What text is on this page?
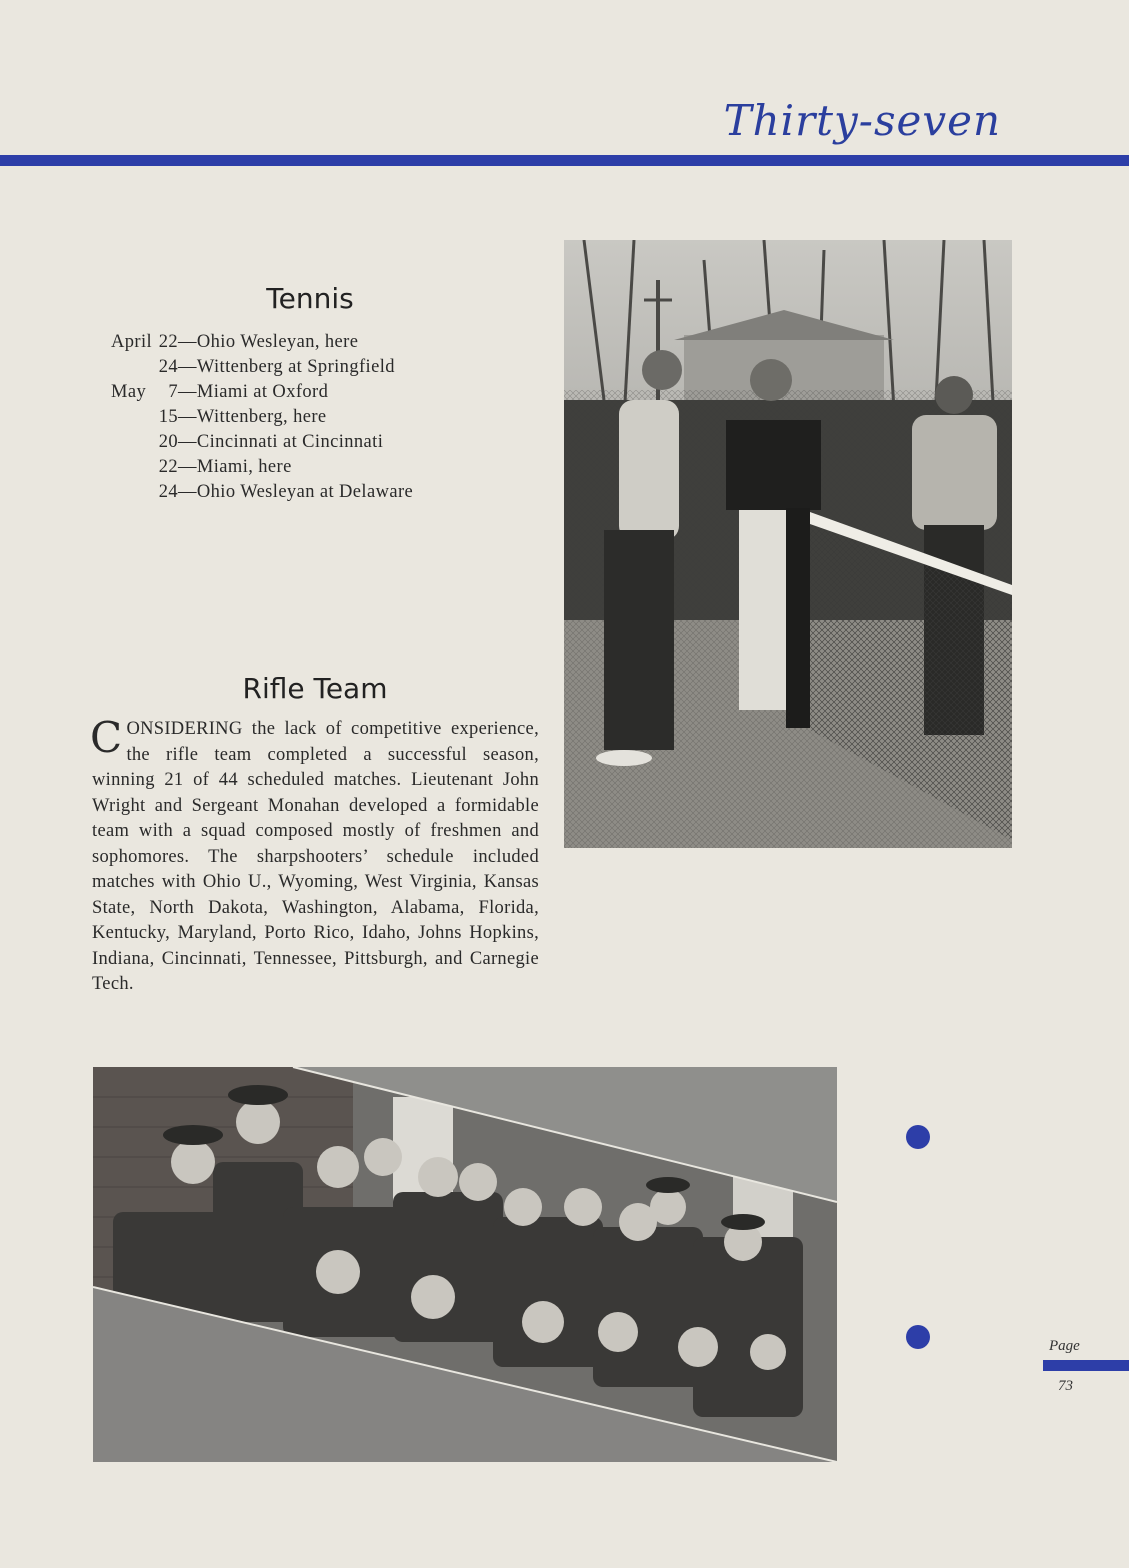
Thirty-seven
Tennis
April 22 —Ohio Wesleyan, here
24 —Wittenberg at Springfield
May	7 —Miami at Oxford
15 —Wittenberg, here
20 —Cincinnati at Cincinnati
22 —Miami, here
24 —Ohio Wesleyan at Delaware
Rifle Team
CONSIDERING the lack of competitive experience, the rifle team completed a successful season, winning 21 of 44 scheduled matches. Lieutenant John Wright and Sergeant Monahan developed a formidable team with a squad composed mostly of freshmen and sophomores. The sharpshooters’ schedule included matches with Ohio U., Wyoming, West Virginia, Kansas State, North Dakota, Washington, Alabama, Florida, Kentucky, Maryland, Porto Rico, Idaho, Johns Hopkins, Indiana, Cincinnati, Tennessee, Pittsburgh, and Carnegie Tech.
Page
73
